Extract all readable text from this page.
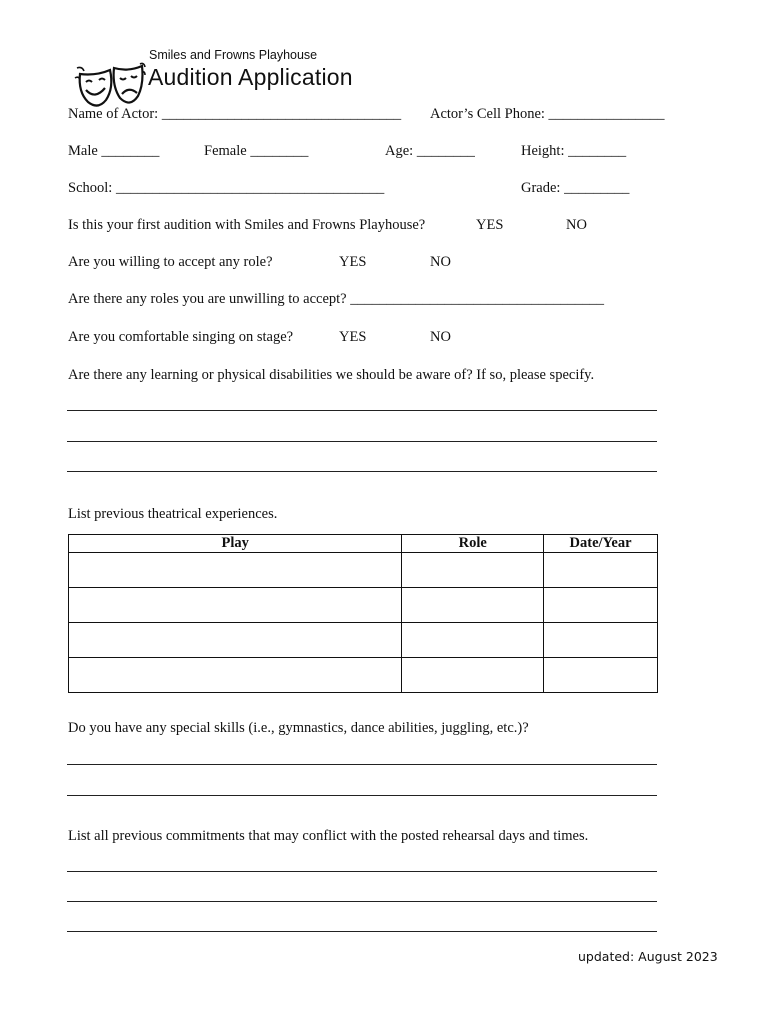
Smiles and Frowns Playhouse
Audition Application
Name of Actor: _________________________________ Actor’s Cell Phone: ________________
Male ________	Female ________	Age: ________	Height: ________
School: _____________________________________	Grade: _________
Is this your first audition with Smiles and Frowns Playhouse?	YES	NO
Are you willing to accept any role?	YES	NO
Are there any roles you are unwilling to accept? ___________________________________
Are you comfortable singing on stage?	YES	NO
Are there any learning or physical disabilities we should be aware of? If so, please specify.
List previous theatrical experiences.
Play	Role	Date/Year

Do you have any special skills (i.e., gymnastics, dance abilities, juggling, etc.)?
List all previous commitments that may conflict with the posted rehearsal days and times.
updated: August 2023
